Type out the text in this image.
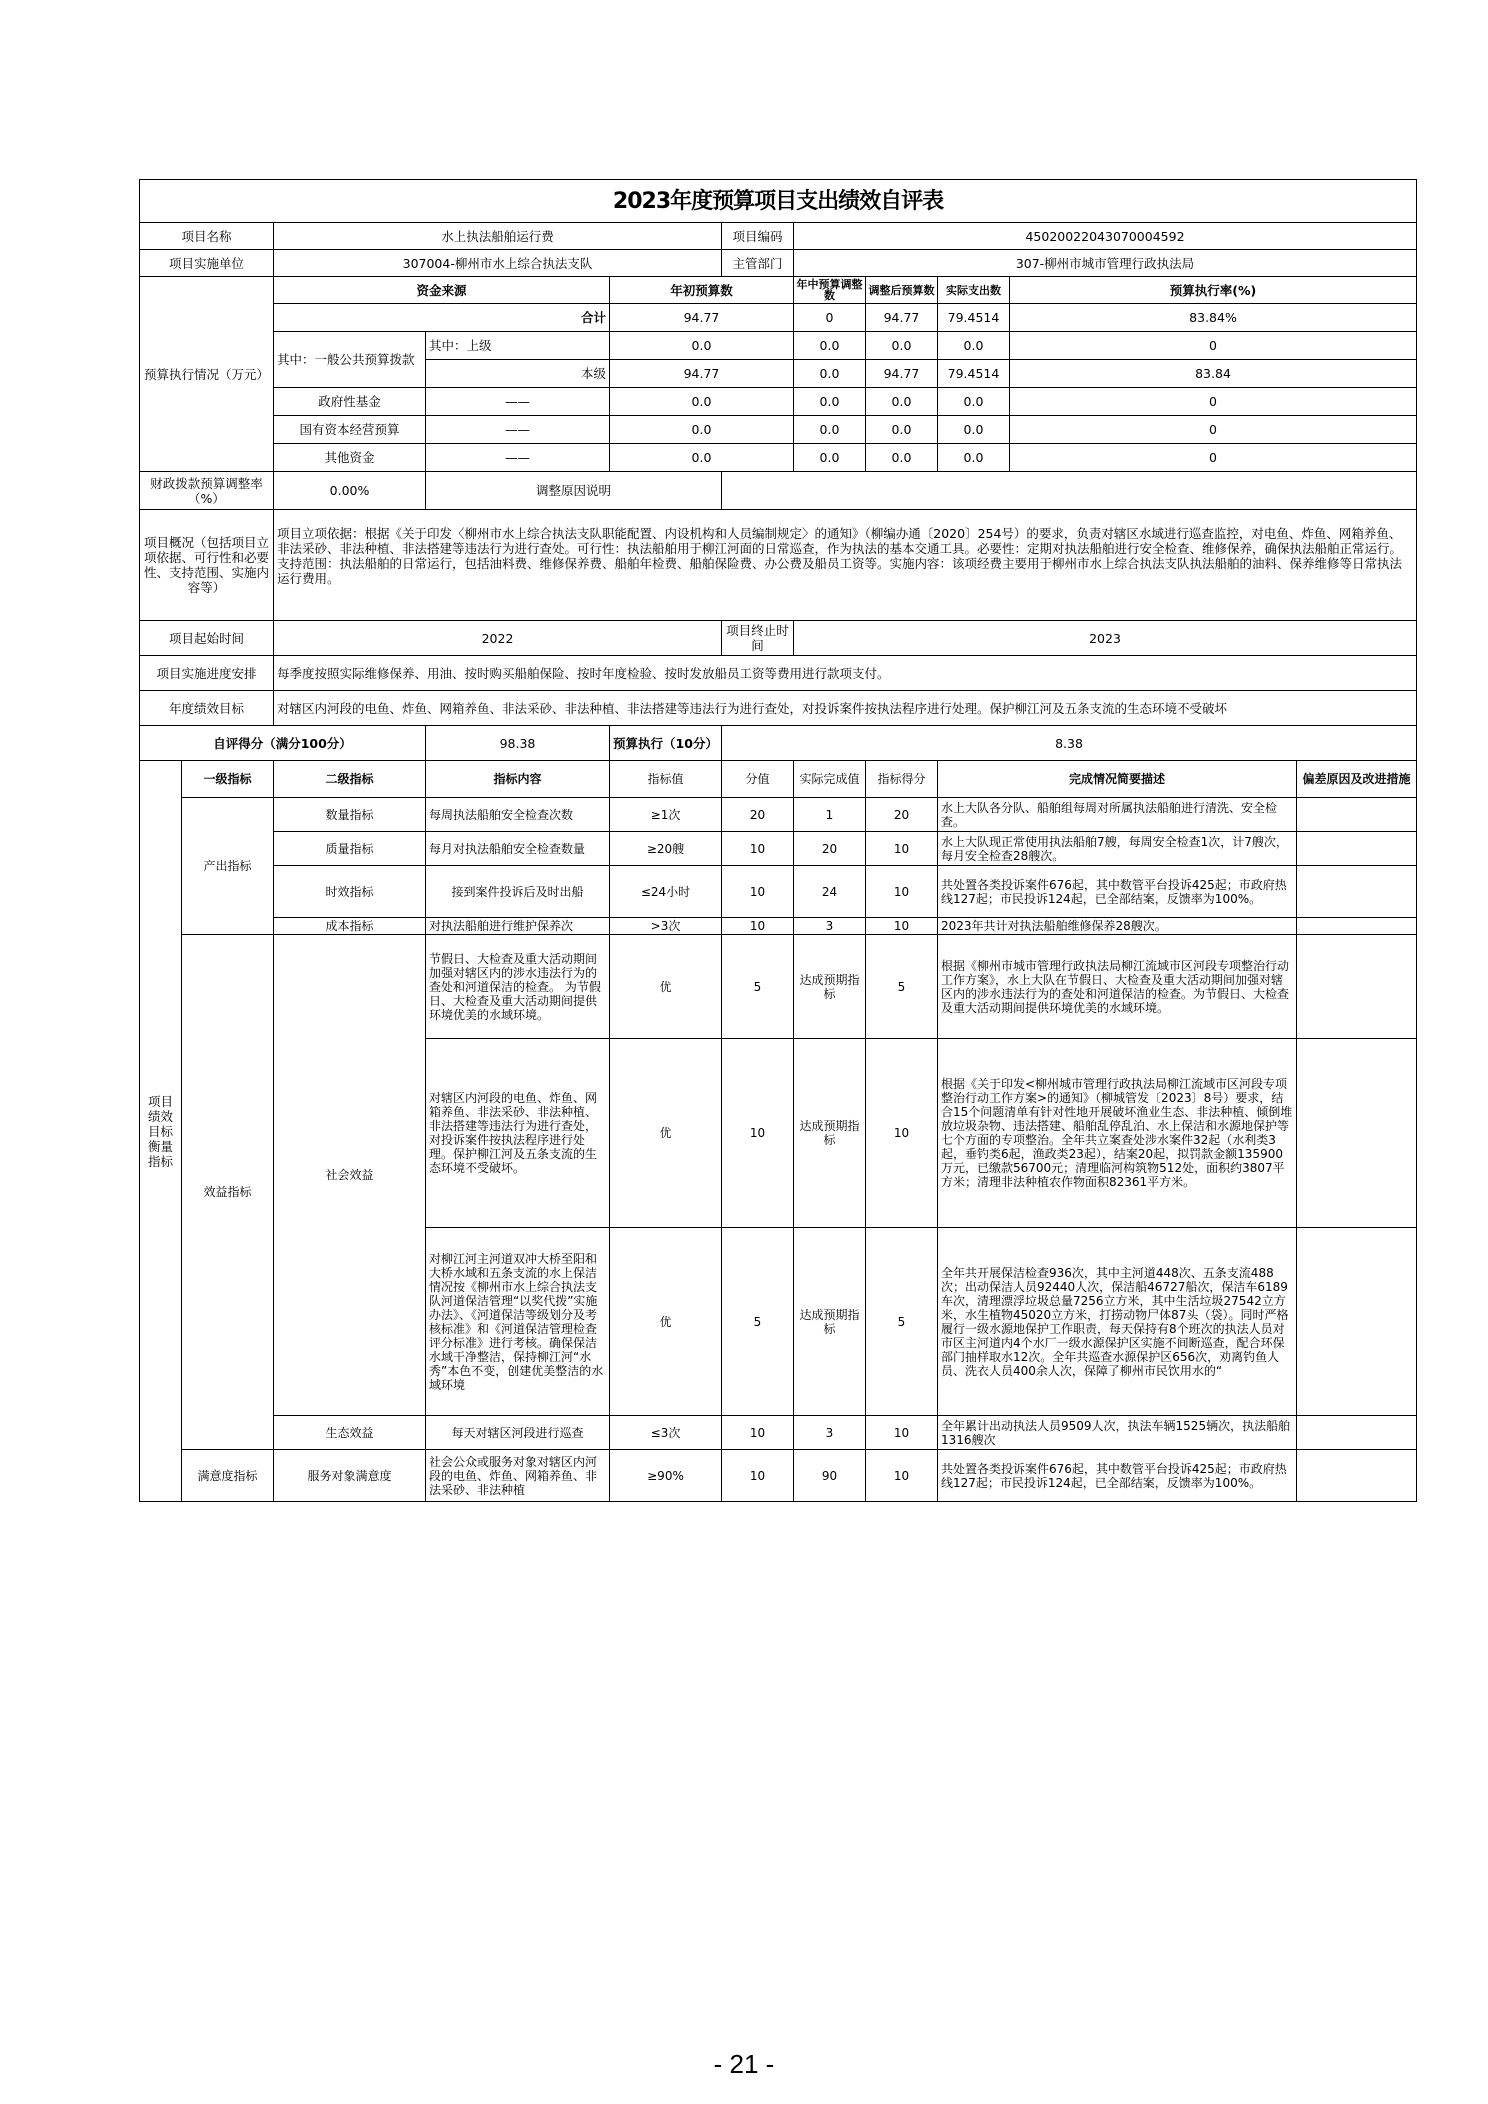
2023年度预算项目支出绩效自评表										
项目名称		水上执法船舶运行费			项目编码	45020022043070004592				
项目实施单位		307004-柳州市水上综合执法支队			主管部门	307-柳州市城市管理行政执法局				
预算执行情况（万元）		资金来源		年初预算数		年中预算调整数	调整后预算数	实际支出数	预算执行率(%)	
		合计		94.77		0	94.77	79.4514	83.84%	
		其中：一般公共预算拨款	其中：上级	0.0		0.0	0.0	0.0	0	
			本级	94.77		0.0	94.77	79.4514	83.84	
		政府性基金	——	0.0		0.0	0.0	0.0	0	
		国有资本经营预算	——	0.0		0.0	0.0	0.0	0	
		其他资金	——	0.0		0.0	0.0	0.0	0	
财政拨款预算调整率（%）		0.00%	调整原因说明							
项目概况（包括项目立项依据、可行性和必要性、支持范围、实施内容等）		项目立项依据：根据《关于印发〈柳州市水上综合执法支队职能配置、内设机构和人员编制规定〉的通知》（柳编办通〔2020〕254号）的要求，负责对辖区水域进行巡查监控，对电鱼、炸鱼、网箱养鱼、非法采砂、非法种植、非法搭建等违法行为进行查处。可行性：执法船舶用于柳江河面的日常巡查，作为执法的基本交通工具。必要性：定期对执法船舶进行安全检查、维修保养，确保执法船舶正常运行。支持范围：执法船舶的日常运行，包括油料费、维修保养费、船舶年检费、船舶保险费、办公费及船员工资等。实施内容：该项经费主要用于柳州市水上综合执法支队执法船舶的油料、保养维修等日常执法运行费用。								
项目起始时间		2022			项目终止时间	2023				
项目实施进度安排		每季度按照实际维修保养、用油、按时购买船舶保险、按时年度检验、按时发放船员工资等费用进行款项支付。								
年度绩效目标		对辖区内河段的电鱼、炸鱼、网箱养鱼、非法采砂、非法种植、非法搭建等违法行为进行查处，对投诉案件按执法程序进行处理。保护柳江河及五条支流的生态环境不受破坏								
自评得分（满分100分）			98.38	预算执行（10分）	8.38					
项目绩效目标衡量指标	一级指标	二级指标	指标内容	指标值	分值	实际完成值	指标得分	完成情况简要描述		偏差原因及改进措施
	产出指标	数量指标	每周执法船舶安全检查次数	≥1次	20	1	20	水上大队各分队、船舶组每周对所属执法船舶进行清洗、安全检查。		
		质量指标	每月对执法船舶安全检查数量	≥20艘	10	20	10	水上大队现正常使用执法船舶7艘，每周安全检查1次，计7艘次，每月安全检查28艘次。		
		时效指标	接到案件投诉后及时出船	≤24小时	10	24	10	共处置各类投诉案件676起，其中数管平台投诉425起；市政府热线127起；市民投诉124起，已全部结案，反馈率为100%。		
		成本指标	对执法船舶进行维护保养次	>3次	10	3	10	2023年共计对执法船舶维修保养28艘次。		
	效益指标	社会效益	节假日、大检查及重大活动期间加强对辖区内的涉水违法行为的查处和河道保洁的检查。 为节假日、大检查及重大活动期间提供环境优美的水域环境。	优	5	达成预期指标	5	根据《柳州市城市管理行政执法局柳江流域市区河段专项整治行动工作方案》，水上大队在节假日、大检查及重大活动期间加强对辖区内的涉水违法行为的查处和河道保洁的检查。为节假日、大检查及重大活动期间提供环境优美的水域环境。		
			对辖区内河段的电鱼、炸鱼、网箱养鱼、非法采砂、非法种植、非法搭建等违法行为进行查处，对投诉案件按执法程序进行处理。保护柳江河及五条支流的生态环境不受破坏。	优	10	达成预期指标	10	根据《关于印发<柳州城市管理行政执法局柳江流域市区河段专项整治行动工作方案>的通知》（柳城管发〔2023〕8号）要求，结合15个问题清单有针对性地开展破坏渔业生态、非法种植、倾倒堆放垃圾杂物、违法搭建、船舶乱停乱泊、水上保洁和水源地保护等七个方面的专项整治。全年共立案查处涉水案件32起（水利类3起，垂钓类6起，渔政类23起），结案20起，拟罚款金额135900万元，已缴款56700元；清理临河构筑物512处，面积约3807平方米；清理非法种植农作物面积82361平方米。		
			对柳江河主河道双冲大桥至阳和大桥水域和五条支流的水上保洁情况按《柳州市水上综合执法支队河道保洁管理“以奖代拨”实施办法》、《河道保洁等级划分及考核标准》和《河道保洁管理检查评分标准》进行考核。确保保洁水域干净整洁，保持柳江河“水秀”本色不变，创建优美整洁的水域环境	优	5	达成预期指标	5	全年共开展保洁检查936次，其中主河道448次、五条支流488次；出动保洁人员92440人次，保洁船46727船次，保洁车6189车次，清理漂浮垃圾总量7256立方米，其中生活垃圾27542立方米，水生植物45020立方米，打捞动物尸体87头（袋）。同时严格履行一级水源地保护工作职责，每天保持有8个班次的执法人员对市区主河道内4个水厂一级水源保护区实施不间断巡查，配合环保部门抽样取水12次。全年共巡查水源保护区656次，劝离钓鱼人员、洗衣人员400余人次，保障了柳州市民饮用水的“		
		生态效益	每天对辖区河段进行巡查	≤3次	10	3	10	全年累计出动执法人员9509人次，执法车辆1525辆次，执法船舶1316艘次		
	满意度指标	服务对象满意度	社会公众或服务对象对辖区内河段的电鱼、炸鱼、网箱养鱼、非法采砂、非法种植	≥90%	10	90	10	共处置各类投诉案件676起，其中数管平台投诉425起；市政府热线127起；市民投诉124起，已全部结案，反馈率为100%。		
- 21 -
